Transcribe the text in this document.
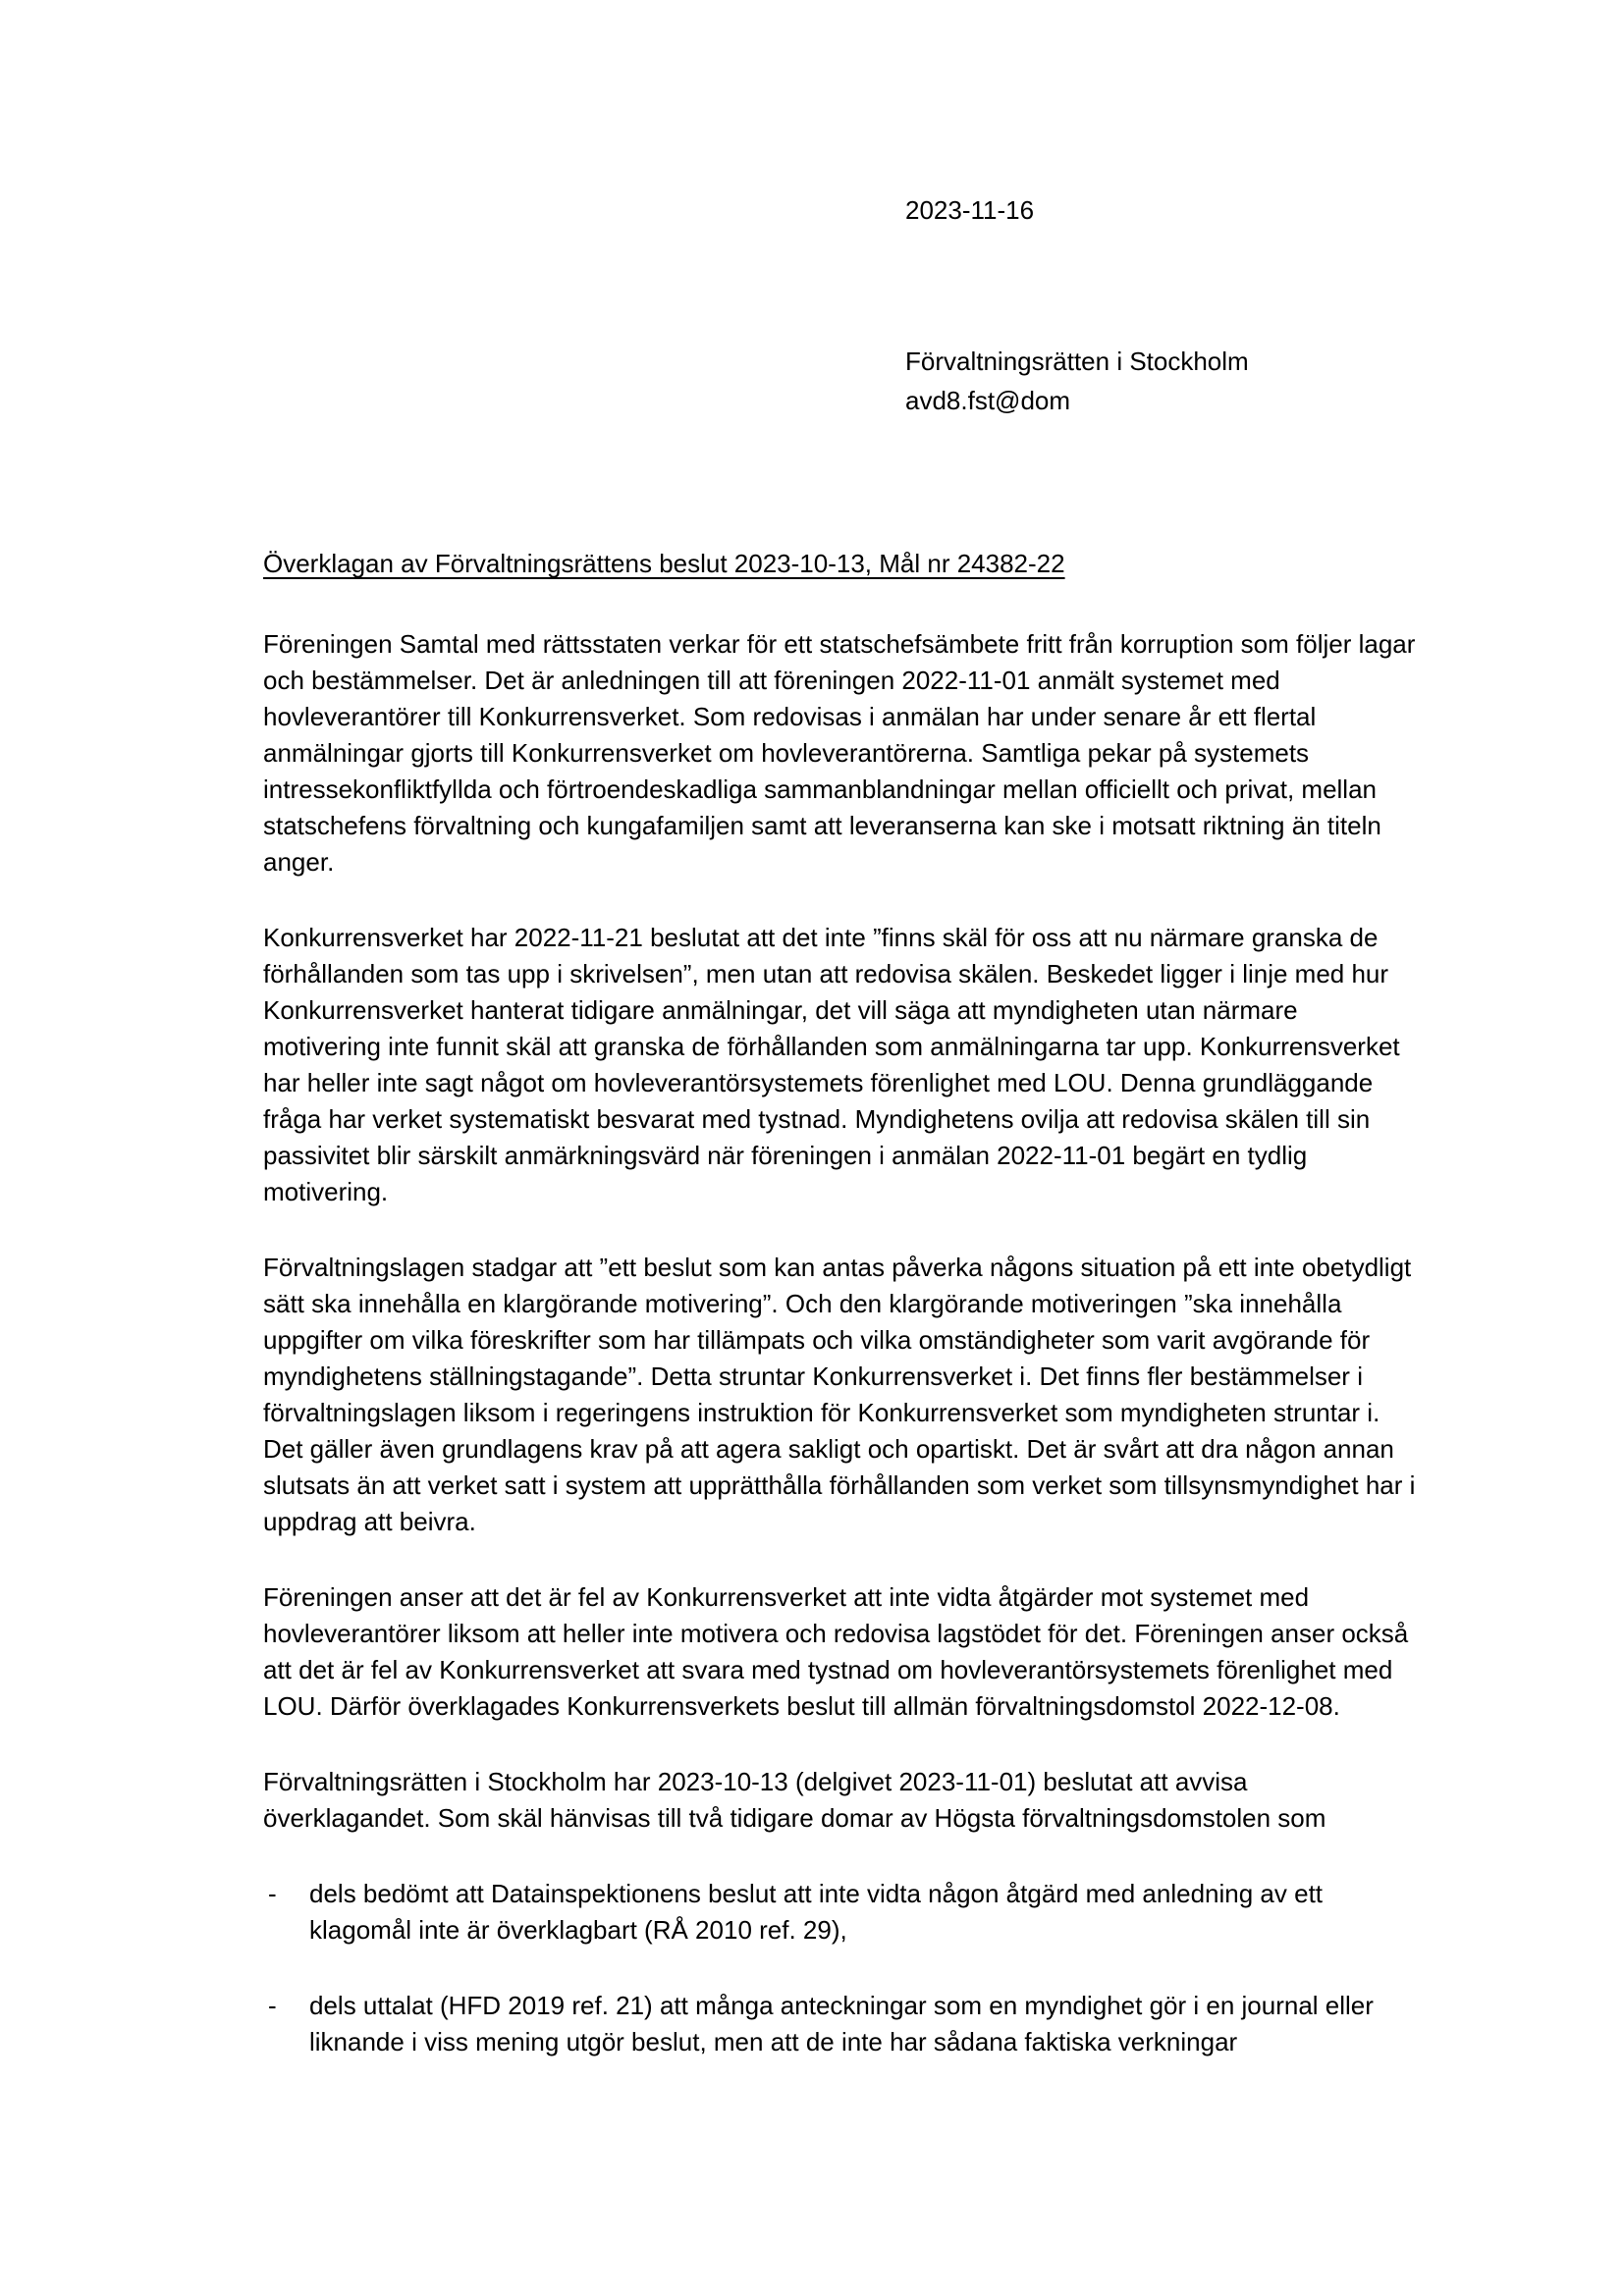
2023-11-16
Förvaltningsrätten i Stockholm
avd8.fst@dom
Överklagan av Förvaltningsrättens beslut 2023-10-13, Mål nr 24382-22

Föreningen Samtal med rättsstaten verkar för ett statschefsämbete fritt från korruption som följer lagar och bestämmelser. Det är anledningen till att föreningen 2022-11-01 anmält systemet med hovleverantörer till Konkurrensverket. Som redovisas i anmälan har under senare år ett flertal anmälningar gjorts till Konkurrensverket om hovleverantörerna. Samtliga pekar på systemets intressekonfliktfyllda och förtroendeskadliga sammanblandningar mellan officiellt och privat, mellan statschefens förvaltning och kungafamiljen samt att leveranserna kan ske i motsatt riktning än titeln anger.

Konkurrensverket har 2022-11-21 beslutat att det inte ”finns skäl för oss att nu närmare granska de förhållanden som tas upp i skrivelsen”, men utan att redovisa skälen. Beskedet ligger i linje med hur Konkurrensverket hanterat tidigare anmälningar, det vill säga att myndigheten utan närmare motivering inte funnit skäl att granska de förhållanden som anmälningarna tar upp. Konkurrensverket har heller inte sagt något om hovleverantörsystemets förenlighet med LOU. Denna grundläggande fråga har verket systematiskt besvarat med tystnad. Myndighetens ovilja att redovisa skälen till sin passivitet blir särskilt anmärkningsvärd när föreningen i anmälan 2022-11-01 begärt en tydlig motivering.

Förvaltningslagen stadgar att ”ett beslut som kan antas påverka någons situation på ett inte obetydligt sätt ska innehålla en klargörande motivering”. Och den klargörande motiveringen ”ska innehålla uppgifter om vilka föreskrifter som har tillämpats och vilka omständigheter som varit avgörande för myndighetens ställningstagande”. Detta struntar Konkurrensverket i. Det finns fler bestämmelser i förvaltningslagen liksom i regeringens instruktion för Konkurrensverket som myndigheten struntar i. Det gäller även grundlagens krav på att agera sakligt och opartiskt. Det är svårt att dra någon annan slutsats än att verket satt i system att upprätthålla förhållanden som verket som tillsynsmyndighet har i uppdrag att beivra.

Föreningen anser att det är fel av Konkurrensverket att inte vidta åtgärder mot systemet med hovleverantörer liksom att heller inte motivera och redovisa lagstödet för det. Föreningen anser också att det är fel av Konkurrensverket att svara med tystnad om hovleverantörsystemets förenlighet med LOU. Därför överklagades Konkurrensverkets beslut till allmän förvaltningsdomstol 2022-12-08.

Förvaltningsrätten i Stockholm har 2023-10-13 (delgivet 2023-11-01) beslutat att avvisa överklagandet. Som skäl hänvisas till två tidigare domar av Högsta förvaltningsdomstolen som

-	dels bedömt att Datainspektionens beslut att inte vidta någon åtgärd med anledning av ett klagomål inte är överklagbart (RÅ 2010 ref. 29),
-	dels uttalat (HFD 2019 ref. 21) att många anteckningar som en myndighet gör i en journal eller liknande i viss mening utgör beslut, men att de inte har sådana faktiska verkningar
